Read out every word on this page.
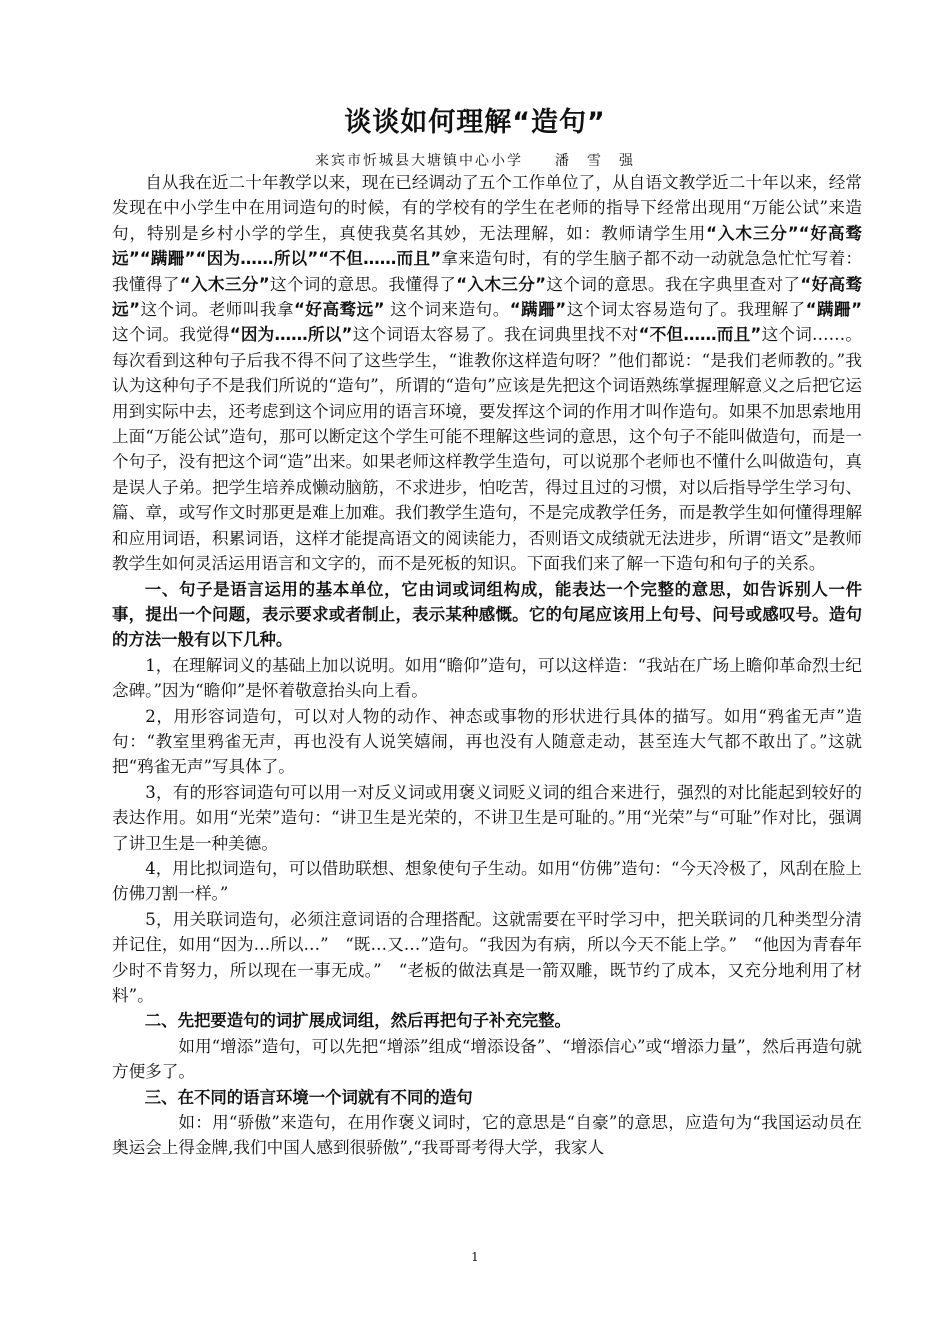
谈谈如何理解“造句”
来宾市忻城县大塘镇中心小学　　潘　雪　强

自从我在近二十年教学以来，现在已经调动了五个工作单位了，从自语文教学近二十年以来，经常发现在中小学生中在用词造句的时候，有的学校有的学生在老师的指导下经常出现用“万能公试”来造句，特别是乡村小学的学生，真使我莫名其妙，无法理解，如：教师请学生用“入木三分”“好高骛远”“蹒跚”“因为……所以”“不但……而且”拿来造句时，有的学生脑子都不动一动就急急忙忙写着：我懂得了“入木三分”这个词的意思。我懂得了“入木三分”这个词的意思。我在字典里查对了“好高骛远”这个词。老师叫我拿“好高骛远” 这个词来造句。“蹒跚”这个词太容易造句了。我理解了“蹒跚” 这个词。我觉得“因为……所以”这个词语太容易了。我在词典里找不对“不但……而且”这个词……。每次看到这种句子后我不得不问了这些学生，“谁教你这样造句呀？”他们都说：“是我们老师教的。”我认为这种句子不是我们所说的“造句”，所谓的“造句”应该是先把这个词语熟练掌握理解意义之后把它运用到实际中去，还考虑到这个词应用的语言环境，要发挥这个词的作用才叫作造句。如果不加思索地用上面“万能公试”造句，那可以断定这个学生可能不理解这些词的意思，这个句子不能叫做造句，而是一个句子，没有把这个词“造”出来。如果老师这样教学生造句，可以说那个老师也不懂什么叫做造句，真是误人子弟。把学生培养成懒动脑筋，不求进步，怕吃苦，得过且过的习惯，对以后指导学生学习句、篇、章，或写作文时那更是难上加难。我们教学生造句，不是完成教学任务，而是教学生如何懂得理解和应用词语，积累词语，这样才能提高语文的阅读能力，否则语文成绩就无法进步，所谓“语文”是教师教学生如何灵活运用语言和文字的，而不是死板的知识。下面我们来了解一下造句和句子的关系。

一、句子是语言运用的基本单位，它由词或词组构成，能表达一个完整的意思，如告诉别人一件事，提出一个问题，表示要求或者制止，表示某种感慨。它的句尾应该用上句号、问号或感叹号。造句的方法一般有以下几种。

1，在理解词义的基础上加以说明。如用“瞻仰”造句，可以这样造：“我站在广场上瞻仰革命烈士纪念碑。”因为“瞻仰”是怀着敬意抬头向上看。

2，用形容词造句，可以对人物的动作、神态或事物的形状进行具体的描写。如用“鸦雀无声”造句：“教室里鸦雀无声，再也没有人说笑嬉闹，再也没有人随意走动，甚至连大气都不敢出了。”这就把“鸦雀无声”写具体了。

3，有的形容词造句可以用一对反义词或用褒义词贬义词的组合来进行，强烈的对比能起到较好的表达作用。如用“光荣”造句：“讲卫生是光荣的，不讲卫生是可耻的。”用“光荣”与“可耻”作对比，强调了讲卫生是一种美德。

4，用比拟词造句，可以借助联想、想象使句子生动。如用“仿佛”造句：“今天冷极了，风刮在脸上仿佛刀割一样。”

5，用关联词造句，必须注意词语的合理搭配。这就需要在平时学习中，把关联词的几种类型分清并记住，如用“因为…所以…”　“既…又…”造句。“我因为有病，所以今天不能上学。”　“他因为青春年少时不肯努力，所以现在一事无成。”　“老板的做法真是一箭双雕，既节约了成本，又充分地利用了材料”。

二、先把要造句的词扩展成词组，然后再把句子补充完整。

如用“增添”造句，可以先把“增添”组成“增添设备”、“增添信心”或“增添力量”，然后再造句就方便多了。

三、在不同的语言环境一个词就有不同的造句

如：用“骄傲”来造句，在用作褒义词时，它的意思是“自豪”的意思，应造句为“我国运动员在奥运会上得金牌,我们中国人感到很骄傲”,“我哥哥考得大学，我家人

1
